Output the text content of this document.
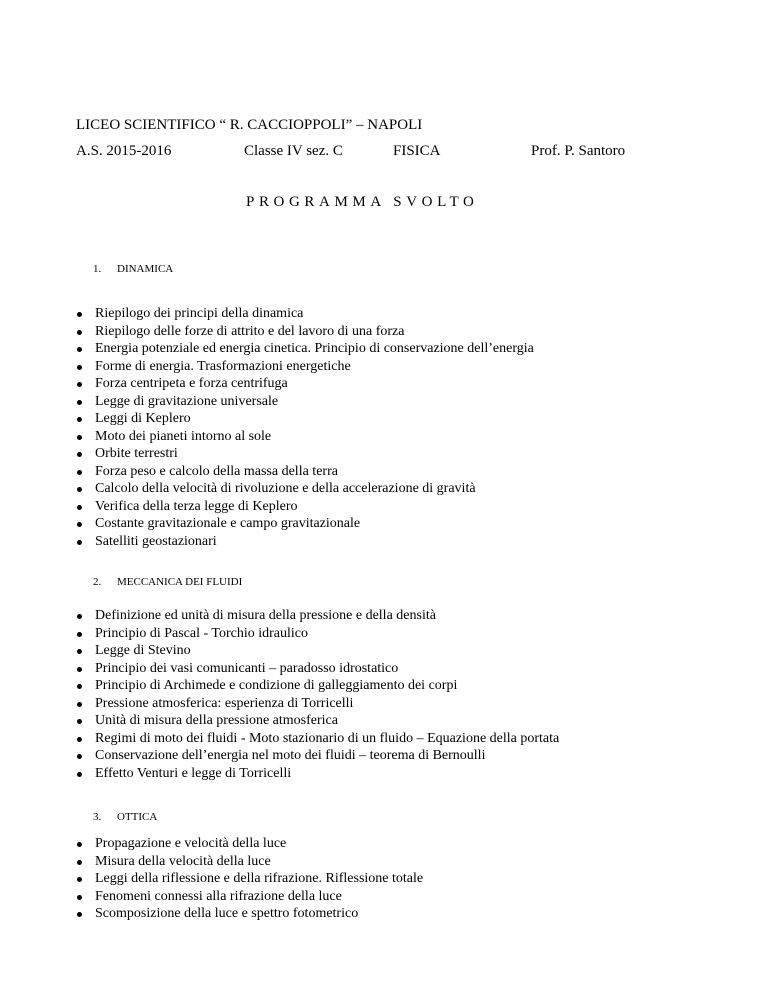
LICEO SCIENTIFICO “ R. CACCIOPPOLI” – NAPOLI
A.S. 2015-2016	Classe IV sez. C	FISICA	Prof. P. Santoro
PROGRAMMA SVOLTO
1. DINAMICA
Riepilogo dei principi della dinamica
Riepilogo delle forze di attrito e del lavoro di una forza
Energia potenziale ed energia cinetica. Principio di conservazione dell’energia
Forme di energia. Trasformazioni energetiche
Forza centripeta e forza centrifuga
Legge di gravitazione universale
Leggi di Keplero
Moto dei pianeti intorno al sole
Orbite terrestri
Forza peso e calcolo della massa della terra
Calcolo della velocità di rivoluzione e della accelerazione di gravità
Verifica della terza legge di Keplero
Costante gravitazionale e campo gravitazionale
Satelliti geostazionari
2. MECCANICA DEI FLUIDI
Definizione ed unità di misura della pressione e della densità
Principio di Pascal - Torchio idraulico
Legge di Stevino
Principio dei vasi comunicanti – paradosso idrostatico
Principio di Archimede e condizione di galleggiamento dei corpi
Pressione atmosferica: esperienza di Torricelli
Unità di misura della pressione atmosferica
Regimi di moto dei fluidi - Moto stazionario di un fluido – Equazione della portata
Conservazione dell’energia nel moto dei fluidi – teorema di Bernoulli
Effetto Venturi e legge di Torricelli
3. OTTICA
Propagazione e velocità della luce
Misura della velocità della luce
Leggi della riflessione e della rifrazione. Riflessione totale
Fenomeni connessi alla rifrazione della luce
Scomposizione della luce e spettro fotometrico
